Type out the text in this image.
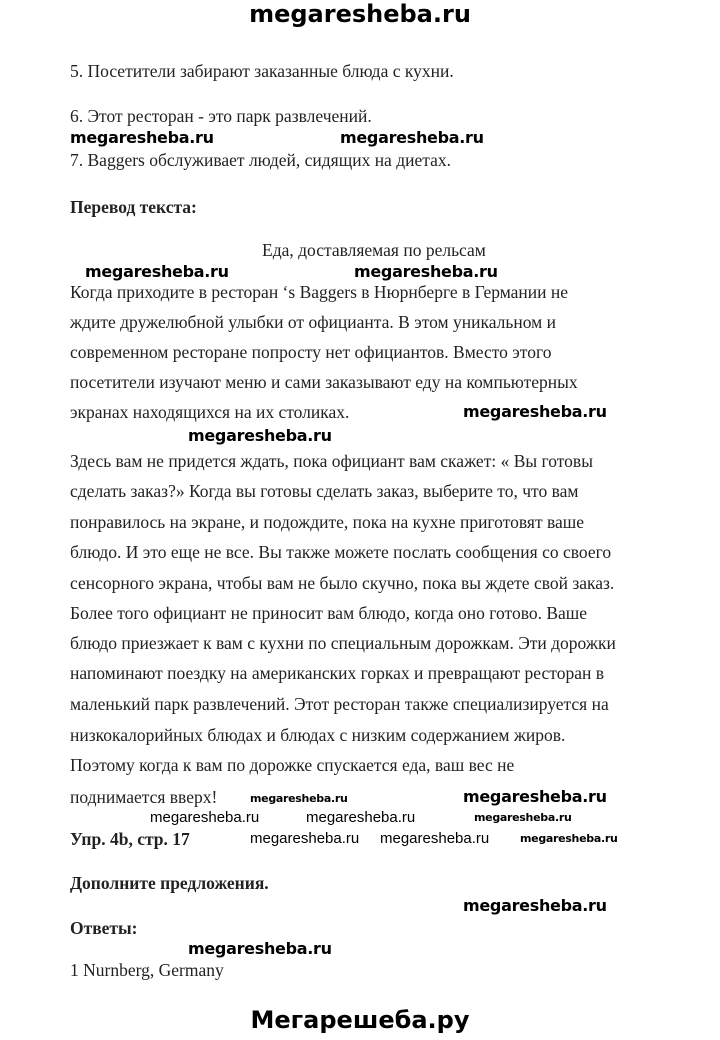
megaresheba.ru
5. Посетители забирают заказанные блюда с кухни.
6. Этот ресторан - это парк развлечений.
7. Baggers обслуживает людей, сидящих на диетах.
Перевод текста:
Еда, доставляемая по рельсам
Когда приходите в ресторан ‘s Baggers в Нюрнберге в Германии не
ждите дружелюбной улыбки от официанта. В этом уникальном и
современном ресторане попросту нет официантов. Вместо этого
посетители изучают меню и сами заказывают еду на компьютерных
экранах находящихся на их столиках.
Здесь вам не придется ждать, пока официант вам скажет: « Вы готовы
сделать заказ?» Когда вы готовы сделать заказ, выберите то, что вам
понравилось на экране, и подождите, пока на кухне приготовят ваше
блюдо. И это еще не все. Вы также можете послать сообщения со своего
сенсорного экрана, чтобы вам не было скучно, пока вы ждете свой заказ.
Более того официант не приносит вам блюдо, когда оно готово. Ваше
блюдо приезжает к вам с кухни по специальным дорожкам. Эти дорожки
напоминают поездку на американских горках и превращают ресторан в
маленький парк развлечений. Этот ресторан также специализируется на
низкокалорийных блюдах и блюдах с низким содержанием жиров.
Поэтому когда к вам по дорожке спускается еда, ваш вес не
поднимается вверх!
Упр. 4b, стр. 17
Дополните предложения.
Ответы:
1 Nurnberg, Germany
Мегарешеба.ру
megaresheba.ru	megaresheba.ru
megaresheba.ru	megaresheba.ru
megaresheba.ru
megaresheba.ru
megaresheba.ru
megaresheba.ru	megaresheba.ru	megaresheba.ru
megaresheba.ru megaresheba.ru	megaresheba.ru
megaresheba.ru
megaresheba.ru
megaresheba.ru
